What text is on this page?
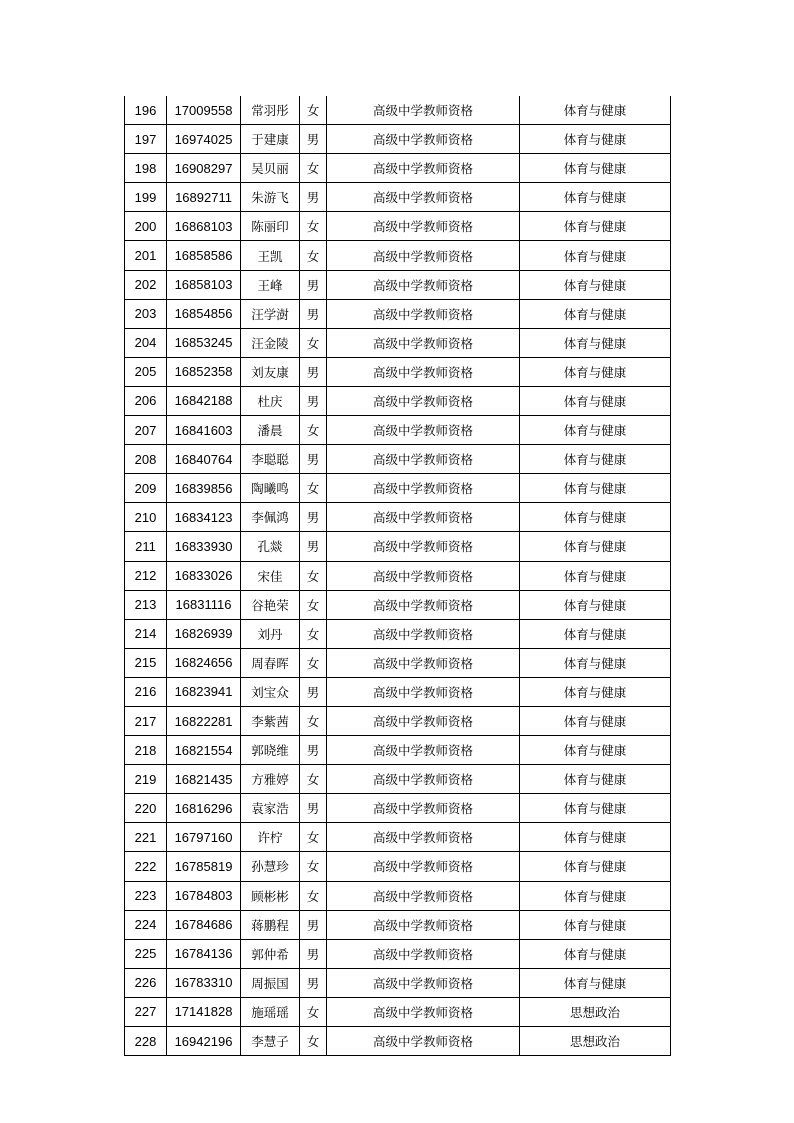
196	17009558	常羽彤	女	高级中学教师资格	体育与健康
197	16974025	于建康	男	高级中学教师资格	体育与健康
198	16908297	吴贝丽	女	高级中学教师资格	体育与健康
199	16892711	朱游飞	男	高级中学教师资格	体育与健康
200	16868103	陈丽印	女	高级中学教师资格	体育与健康
201	16858586	王凯	女	高级中学教师资格	体育与健康
202	16858103	王峰	男	高级中学教师资格	体育与健康
203	16854856	汪学澍	男	高级中学教师资格	体育与健康
204	16853245	汪金陵	女	高级中学教师资格	体育与健康
205	16852358	刘友康	男	高级中学教师资格	体育与健康
206	16842188	杜庆	男	高级中学教师资格	体育与健康
207	16841603	潘晨	女	高级中学教师资格	体育与健康
208	16840764	李聪聪	男	高级中学教师资格	体育与健康
209	16839856	陶曦鸣	女	高级中学教师资格	体育与健康
210	16834123	李佩鸿	男	高级中学教师资格	体育与健康
211	16833930	孔燚	男	高级中学教师资格	体育与健康
212	16833026	宋佳	女	高级中学教师资格	体育与健康
213	16831116	谷艳荣	女	高级中学教师资格	体育与健康
214	16826939	刘丹	女	高级中学教师资格	体育与健康
215	16824656	周春晖	女	高级中学教师资格	体育与健康
216	16823941	刘宝众	男	高级中学教师资格	体育与健康
217	16822281	李紫茜	女	高级中学教师资格	体育与健康
218	16821554	郭晓维	男	高级中学教师资格	体育与健康
219	16821435	方雅婷	女	高级中学教师资格	体育与健康
220	16816296	袁家浩	男	高级中学教师资格	体育与健康
221	16797160	许柠	女	高级中学教师资格	体育与健康
222	16785819	孙慧珍	女	高级中学教师资格	体育与健康
223	16784803	顾彬彬	女	高级中学教师资格	体育与健康
224	16784686	蒋鹏程	男	高级中学教师资格	体育与健康
225	16784136	郭仲希	男	高级中学教师资格	体育与健康
226	16783310	周振国	男	高级中学教师资格	体育与健康
227	17141828	施瑶瑶	女	高级中学教师资格	思想政治
228	16942196	李慧子	女	高级中学教师资格	思想政治
